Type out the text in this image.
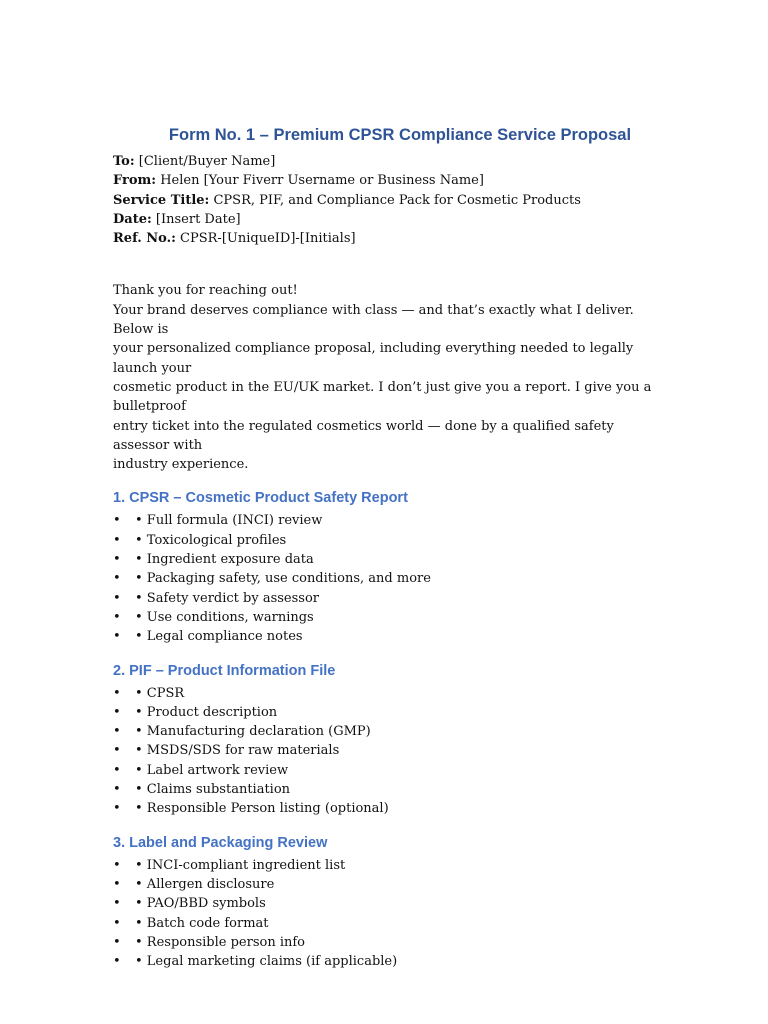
Form No. 1 – Premium CPSR Compliance Service Proposal
To: [Client/Buyer Name]
From: Helen [Your Fiverr Username or Business Name]
Service Title: CPSR, PIF, and Compliance Pack for Cosmetic Products
Date: [Insert Date]
Ref. No.: CPSR-[UniqueID]-[Initials]

Thank you for reaching out!

Your brand deserves compliance with class — and that’s exactly what I deliver. Below is

your personalized compliance proposal, including everything needed to legally launch your

cosmetic product in the EU/UK market. I don’t just give you a report. I give you a bulletproof

entry ticket into the regulated cosmetics world — done by a qualified safety assessor with

industry experience.

1. CPSR – Cosmetic Product Safety Report
• • Full formula (INCI) review
• • Toxicological profiles
• • Ingredient exposure data
• • Packaging safety, use conditions, and more
• • Safety verdict by assessor
• • Use conditions, warnings
• • Legal compliance notes
2. PIF – Product Information File
• • CPSR
• • Product description
• • Manufacturing declaration (GMP)
• • MSDS/SDS for raw materials
• • Label artwork review
• • Claims substantiation
• • Responsible Person listing (optional)
3. Label and Packaging Review
• • INCI-compliant ingredient list
• • Allergen disclosure
• • PAO/BBD symbols
• • Batch code format
• • Responsible person info
• • Legal marketing claims (if applicable)
